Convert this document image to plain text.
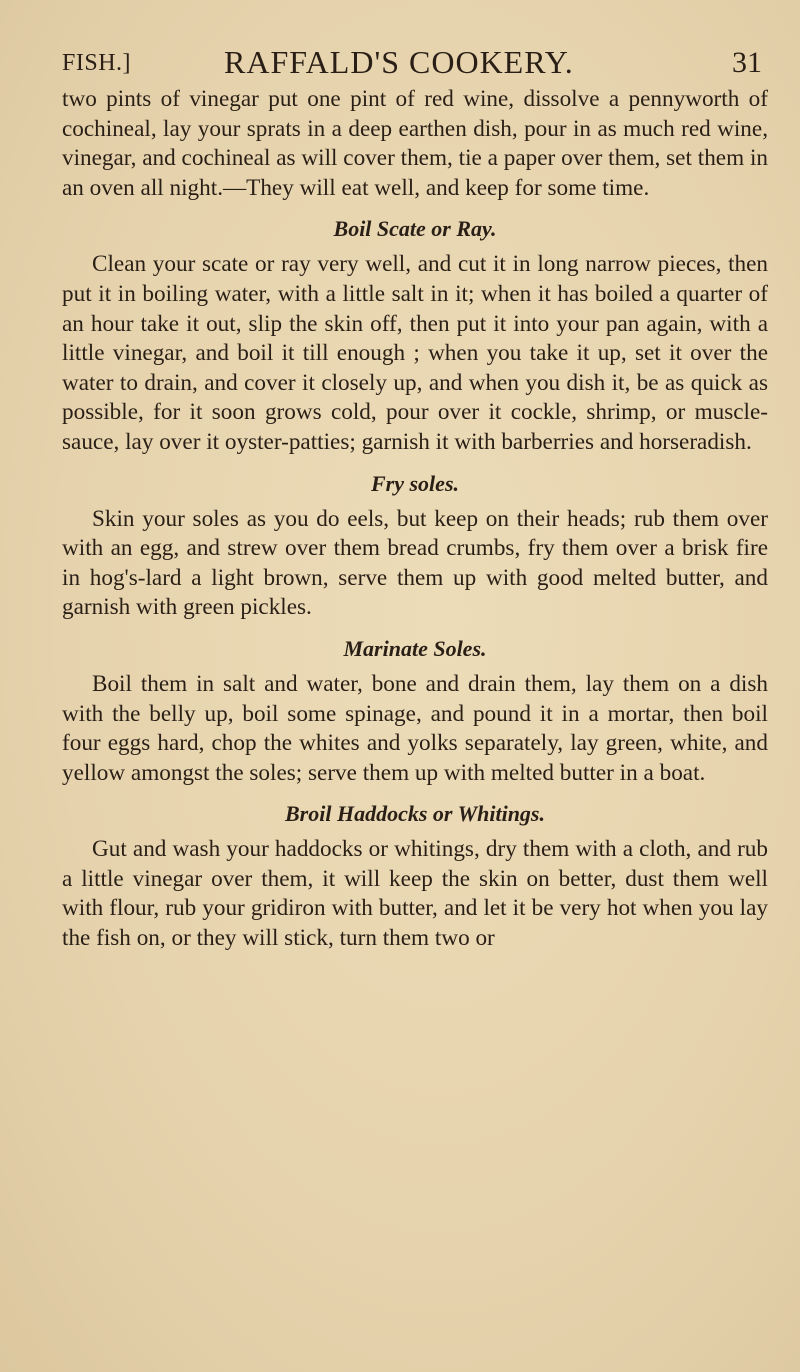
FISH.]	RAFFALD'S COOKERY.	31

two pints of vinegar put one pint of red wine, dissolve a pennyworth of cochineal, lay your sprats in a deep earthen dish, pour in as much red wine, vinegar, and cochineal as will cover them, tie a paper over them, set them in an oven all night.—They will eat well, and keep for some time.

Boil Scate or Ray.

Clean your scate or ray very well, and cut it in long narrow pieces, then put it in boiling water, with a little salt in it; when it has boiled a quarter of an hour take it out, slip the skin off, then put it into your pan again, with a little vinegar, and boil it till enough ; when you take it up, set it over the water to drain, and cover it closely up, and when you dish it, be as quick as possible, for it soon grows cold, pour over it cockle, shrimp, or muscle-sauce, lay over it oyster-patties; garnish it with barberries and horseradish.

Fry soles.

Skin your soles as you do eels, but keep on their heads; rub them over with an egg, and strew over them bread crumbs, fry them over a brisk fire in hog's-lard a light brown, serve them up with good melted butter, and garnish with green pickles.

Marinate Soles.

Boil them in salt and water, bone and drain them, lay them on a dish with the belly up, boil some spinage, and pound it in a mortar, then boil four eggs hard, chop the whites and yolks separately, lay green, white, and yellow amongst the soles; serve them up with melted butter in a boat.

Broil Haddocks or Whitings.

Gut and wash your haddocks or whitings, dry them with a cloth, and rub a little vinegar over them, it will keep the skin on better, dust them well with flour, rub your gridiron with butter, and let it be very hot when you lay the fish on, or they will stick, turn them two or
